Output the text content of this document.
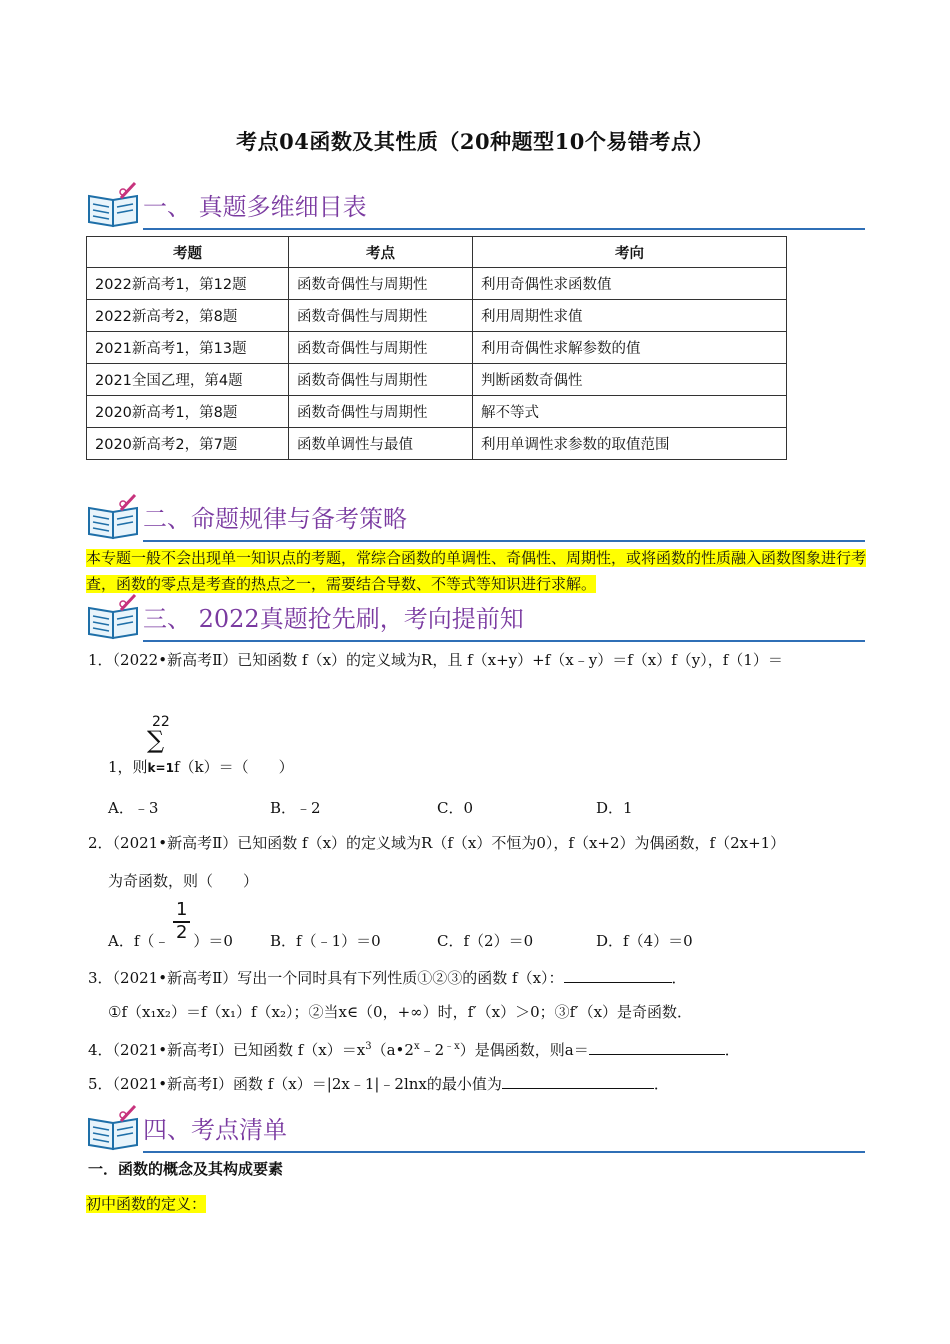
考点04函数及其性质（20种题型10个易错考点）
一、 真题多维细目表
考题	考点	考向
2022新高考1，第12题	函数奇偶性与周期性	利用奇偶性求函数值
2022新高考2，第8题	函数奇偶性与周期性	利用周期性求值
2021新高考1，第13题	函数奇偶性与周期性	利用奇偶性求解参数的值
2021全国乙理，第4题	函数奇偶性与周期性	判断函数奇偶性
2020新高考1，第8题	函数奇偶性与周期性	解不等式
2020新高考2，第7题	函数单调性与最值	利用单调性求参数的取值范围
二、命题规律与备考策略
本专题一般不会出现单一知识点的考题，常综合函数的单调性、奇偶性、周期性，或将函数的性质融入函数图象进行考查，函数的零点是考查的热点之一，需要结合导数、不等式等知识进行求解。
三、 2022真题抢先刷，考向提前知
1．（2022•新高考Ⅱ）已知函数 f（x）的定义域为R，且 f（x+y）+f（x﹣y）＝f（x）f（y），f（1）＝
22
∑
1，则k=1f（k）＝（　　）
A．﹣3	B．﹣2	C．0	D．1
2．（2021•新高考Ⅱ）已知函数 f（x）的定义域为R（f（x）不恒为0），f（x+2）为偶函数，f（2x+1）
为奇函数，则（　　）
1
2
A．f（﹣ ）＝0 B．f（﹣1）＝0	C．f（2）＝0	D．f（4）＝0
3．（2021•新高考Ⅱ）写出一个同时具有下列性质①②③的函数 f（x）：	．
①f（x₁x₂）＝f（x₁）f（x₂）；②当x∈（0，+∞）时，f′（x）＞0；③f′（x）是奇函数．
4．（2021•新高考Ⅰ）已知函数 $f(x)=x^3(a•2^x﹣2^{﹣x})$是偶函数，则a＝	．
5．（2021•新高考Ⅰ）函数 f（x）＝|2x﹣1|﹣2lnx的最小值为	．
四、考点清单
一．函数的概念及其构成要素
初中函数的定义：
